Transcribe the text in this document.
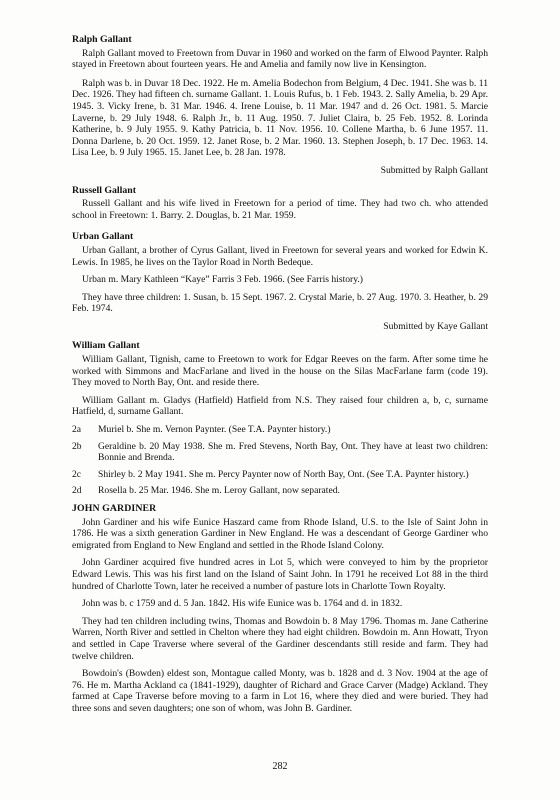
Ralph Gallant

Ralph Gallant moved to Freetown from Duvar in 1960 and worked on the farm of Elwood Paynter. Ralph stayed in Freetown about fourteen years. He and Amelia and family now live in Kensington.

Ralph was b. in Duvar 18 Dec. 1922. He m. Amelia Bodechon from Belgium, 4 Dec. 1941. She was b. 11 Dec. 1926. They had fifteen ch. surname Gallant. 1. Louis Rufus, b. 1 Feb. 1943. 2. Sally Amelia, b. 29 Apr. 1945. 3. Vicky Irene, b. 31 Mar. 1946. 4. Irene Louise, b. 11 Mar. 1947 and d. 26 Oct. 1981. 5. Marcie Laverne, b. 29 July 1948. 6. Ralph Jr., b. 11 Aug. 1950. 7. Juliet Claira, b. 25 Feb. 1952. 8. Lorinda Katherine, b. 9 July 1955. 9. Kathy Patricia, b. 11 Nov. 1956. 10. Collene Martha, b. 6 June 1957. 11. Donna Darlene, b. 20 Oct. 1959. 12. Janet Rose, b. 2 Mar. 1960. 13. Stephen Joseph, b. 17 Dec. 1963. 14. Lisa Lee, b. 9 July 1965. 15. Janet Lee, b. 28 Jan. 1978.

Submitted by Ralph Gallant
Russell Gallant

Russell Gallant and his wife lived in Freetown for a period of time. They had two ch. who attended school in Freetown: 1. Barry. 2. Douglas, b. 21 Mar. 1959.

Urban Gallant

Urban Gallant, a brother of Cyrus Gallant, lived in Freetown for several years and worked for Edwin K. Lewis. In 1985, he lives on the Taylor Road in North Bedeque.

Urban m. Mary Kathleen “Kaye” Farris 3 Feb. 1966. (See Farris history.)

They have three children: 1. Susan, b. 15 Sept. 1967. 2. Crystal Marie, b. 27 Aug. 1970. 3. Heather, b. 29 Feb. 1974.

Submitted by Kaye Gallant
William Gallant

William Gallant, Tignish, came to Freetown to work for Edgar Reeves on the farm. After some time he worked with Simmons and MacFarlane and lived in the house on the Silas MacFarlane farm (code 19). They moved to North Bay, Ont. and reside there.

William Gallant m. Gladys (Hatfield) Hatfield from N.S. They raised four children a, b, c, surname Hatfield, d, surname Gallant.

2a	Muriel b. She m. Vernon Paynter. (See T.A. Paynter history.)
2b	Geraldine b. 20 May 1938. She m. Fred Stevens, North Bay, Ont. They have at least two children: Bonnie and Brenda.
2c	Shirley b. 2 May 1941. She m. Percy Paynter now of North Bay, Ont. (See T.A. Paynter history.)
2d	Rosella b. 25 Mar. 1946. She m. Leroy Gallant, now separated.
JOHN GARDINER

John Gardiner and his wife Eunice Haszard came from Rhode Island, U.S. to the Isle of Saint John in 1786. He was a sixth generation Gardiner in New England. He was a descendant of George Gardiner who emigrated from England to New England and settled in the Rhode Island Colony.

John Gardiner acquired five hundred acres in Lot 5, which were conveyed to him by the proprietor Edward Lewis. This was his first land on the Island of Saint John. In 1791 he received Lot 88 in the third hundred of Charlotte Town, later he received a number of pasture lots in Charlotte Town Royalty.

John was b. c 1759 and d. 5 Jan. 1842. His wife Eunice was b. 1764 and d. in 1832.

They had ten children including twins, Thomas and Bowdoin b. 8 May 1796. Thomas m. Jane Catherine Warren, North River and settled in Chelton where they had eight children. Bowdoin m. Ann Howatt, Tryon and settled in Cape Traverse where several of the Gardiner descendants still reside and farm. They had twelve children.

Bowdoin's (Bowden) eldest son, Montague called Monty, was b. 1828 and d. 3 Nov. 1904 at the age of 76. He m. Martha Ackland ca (1841-1929), daughter of Richard and Grace Carver (Madge) Ackland. They farmed at Cape Traverse before moving to a farm in Lot 16, where they died and were buried. They had three sons and seven daughters; one son of whom, was John B. Gardiner.

282
